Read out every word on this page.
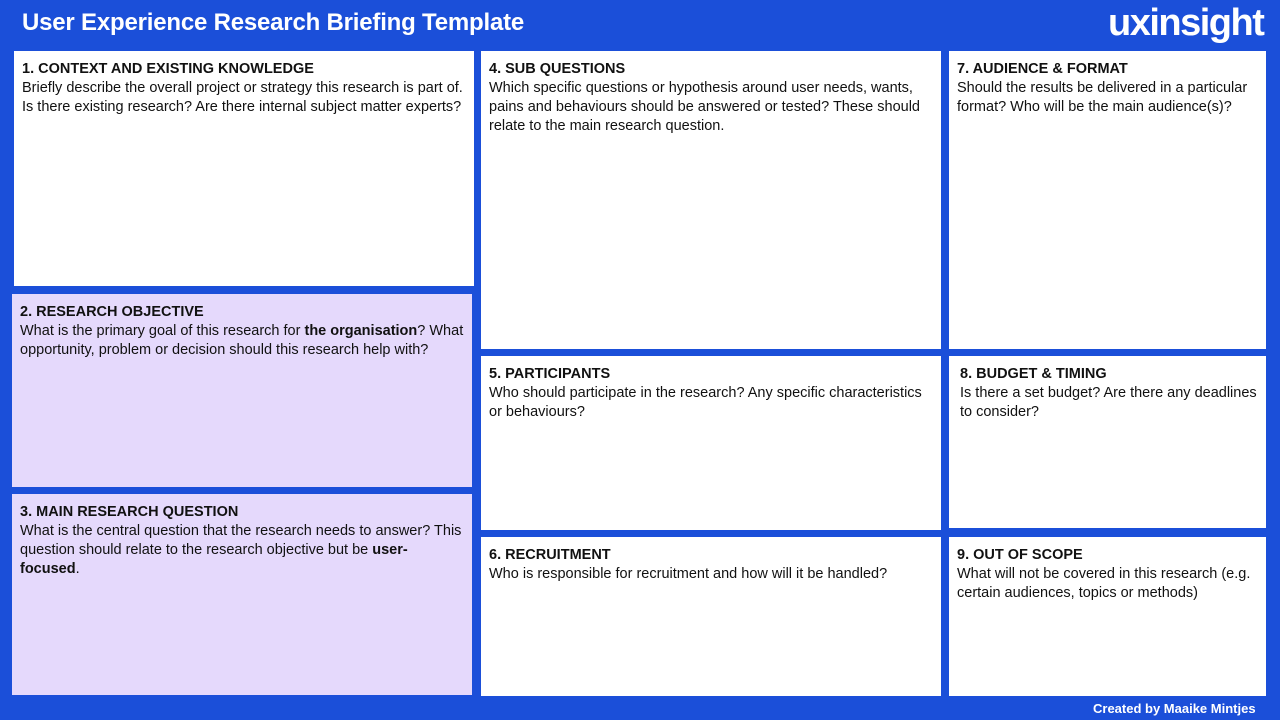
User Experience Research Briefing Template	uxinsight
1. CONTEXT AND EXISTING KNOWLEDGE
Briefly describe the overall project or strategy this research is part of. Is there existing research? Are there internal subject matter experts?
2. RESEARCH OBJECTIVE
What is the primary goal of this research for the organisation? What opportunity, problem or decision should this research help with?
3. MAIN RESEARCH QUESTION
What is the central question that the research needs to answer? This question should relate to the research objective but be user-focused.
4. SUB QUESTIONS
Which specific questions or hypothesis around user needs, wants, pains and behaviours should be answered or tested? These should relate to the main research question.
5. PARTICIPANTS
Who should participate in the research? Any specific characteristics or behaviours?
6. RECRUITMENT
Who is responsible for recruitment and how will it be handled?
7. AUDIENCE & FORMAT
Should the results be delivered in a particular format? Who will be the main audience(s)?
8. BUDGET & TIMING
Is there a set budget? Are there any deadlines to consider?
9. OUT OF SCOPE
What will not be covered in this research (e.g. certain audiences, topics or methods)
Created by Maaike Mintjes
